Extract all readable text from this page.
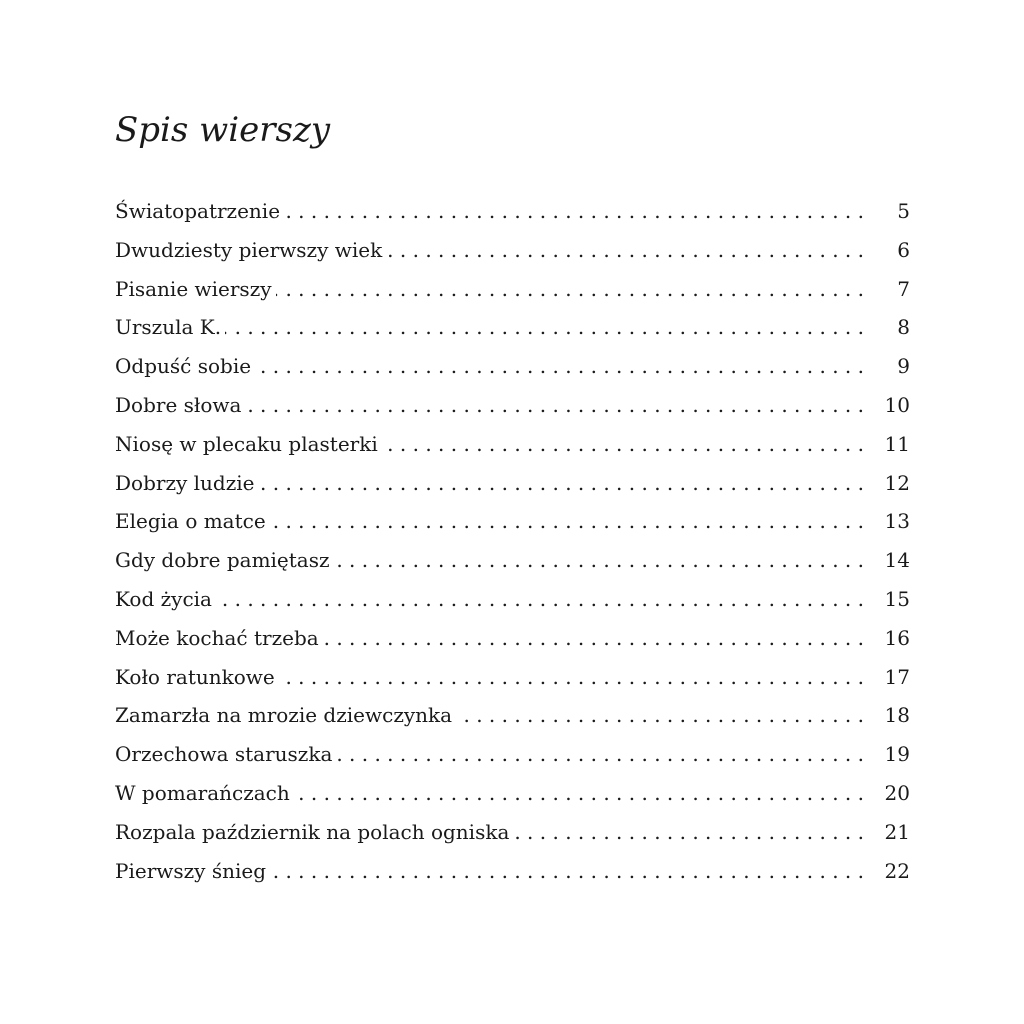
Spis wierszy
Światopatrzenie . . .	5
Dwudziesty pierwszy wiek . . .	6
Pisanie wierszy . . .	7
Urszula K. . . .	8
Odpuść sobie . . .	9
Dobre słowa . . .	10
Niosę w plecaku plasterki . . .	11
Dobrzy ludzie . . .	12
Elegia o matce . . .	13
Gdy dobre pamiętasz . . .	14
Kod życia . . .	15
Może kochać trzeba . . .	16
Koło ratunkowe . . .	17
Zamarzła na mrozie dziewczynka . . .	18
Orzechowa staruszka . . .	19
W pomarańczach . . .	20
Rozpala październik na polach ogniska . . .	21
Pierwszy śnieg . . .	22
